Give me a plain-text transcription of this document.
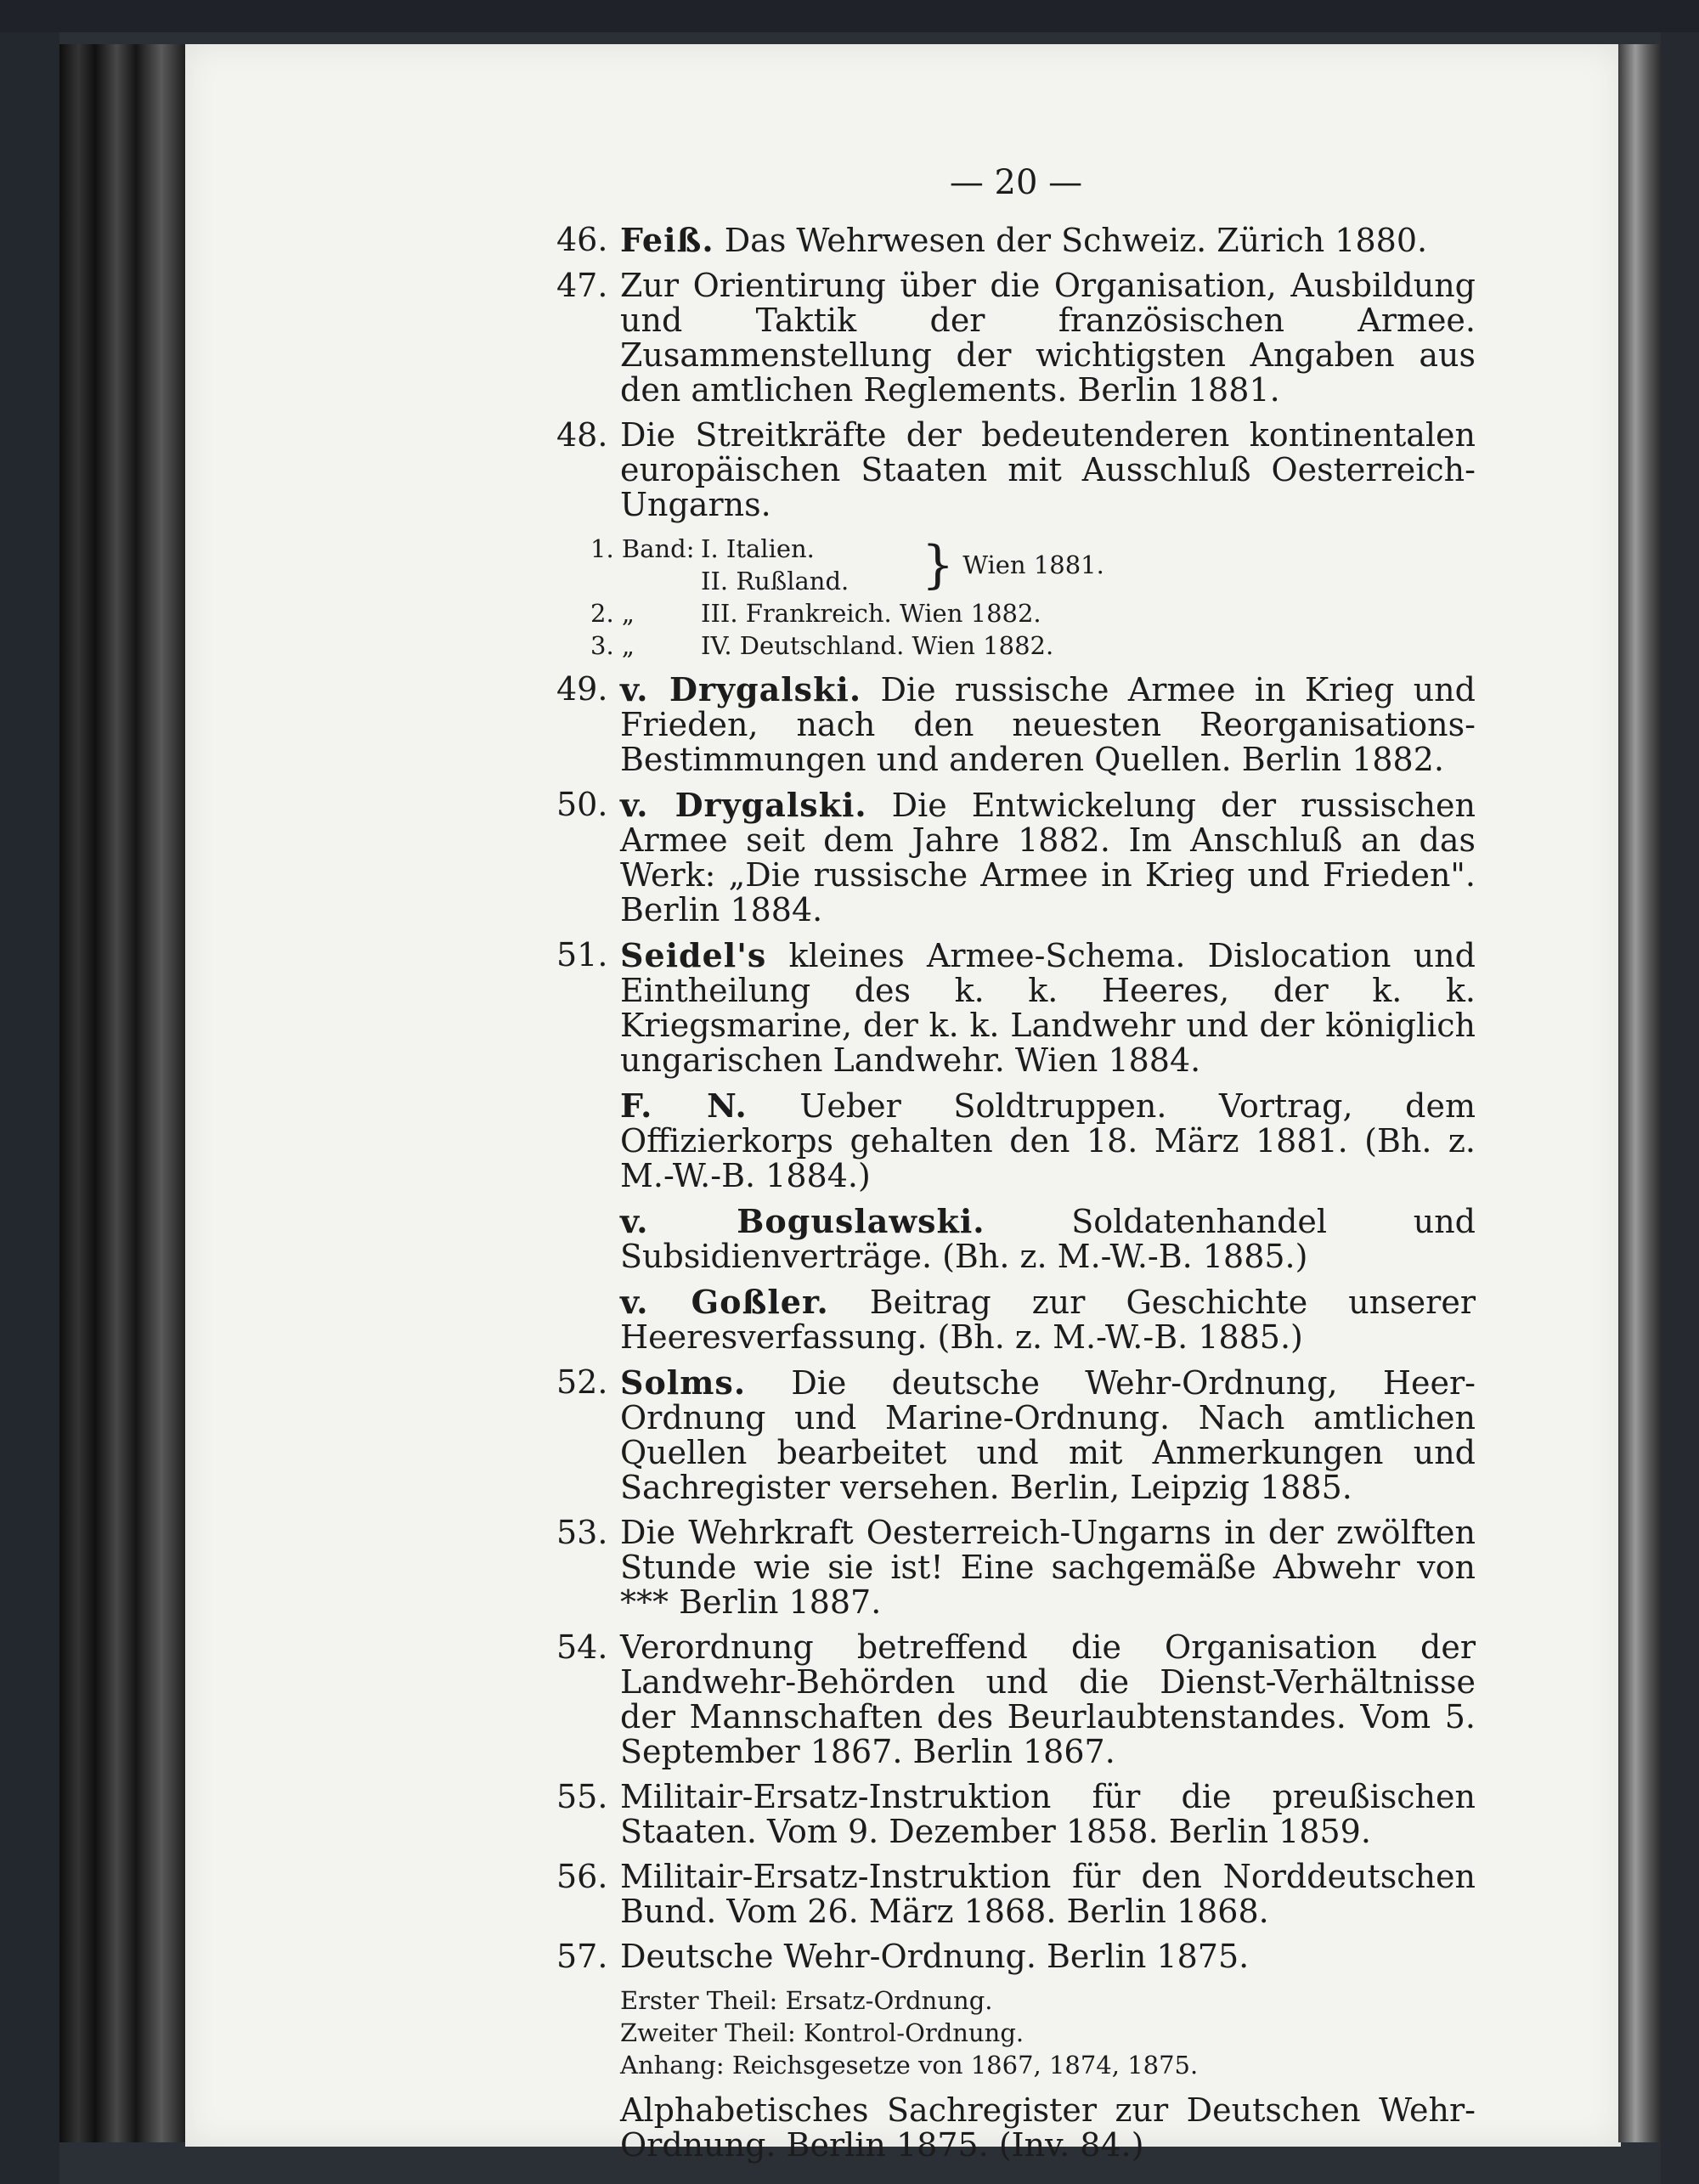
— 20 —
46. Feiß. Das Wehrwesen der Schweiz. Zürich 1880.
47. Zur Orientirung über die Organisation, Ausbildung und Taktik der französischen Armee. Zusammenstellung der wichtigsten Angaben aus den amtlichen Reglements. Berlin 1881.
48. Die Streitkräfte der bedeutenderen kontinentalen europäischen Staaten mit Ausschluß Oesterreich-Ungarns.
1. Band: I. Italien.
II. Rußland.	} Wien 1881.
2. „	III. Frankreich. Wien 1882.
3. „	IV. Deutschland. Wien 1882.
49. v. Drygalski. Die russische Armee in Krieg und Frieden, nach den neuesten Reorganisations-Bestimmungen und anderen Quellen. Berlin 1882.
50. v. Drygalski. Die Entwickelung der russischen Armee seit dem Jahre 1882. Im Anschluß an das Werk: „Die russische Armee in Krieg und Frieden". Berlin 1884.
51. Seidel's kleines Armee-Schema. Dislocation und Eintheilung des k. k. Heeres, der k. k. Kriegsmarine, der k. k. Landwehr und der königlich ungarischen Landwehr. Wien 1884.
F. N. Ueber Soldtruppen. Vortrag, dem Offizierkorps gehalten den 18. März 1881. (Bh. z. M.-W.-B. 1884.)
v. Boguslawski.	Soldatenhandel und Subsidienverträge. (Bh. z. M.-W.-B. 1885.)
v. Goßler. Beitrag zur Geschichte unserer Heeresverfassung. (Bh. z. M.-W.-B. 1885.)
52. Solms. Die deutsche Wehr-Ordnung, Heer-Ordnung und Marine-Ordnung. Nach amtlichen Quellen bearbeitet und mit Anmerkungen und Sachregister versehen. Berlin, Leipzig 1885.
53. Die Wehrkraft Oesterreich-Ungarns in der zwölften Stunde wie sie ist! Eine sachgemäße Abwehr von *** Berlin 1887.
54. Verordnung betreffend die Organisation der Landwehr-Behörden und die Dienst-Verhältnisse der Mannschaften des Beurlaubtenstandes. Vom 5. September 1867. Berlin 1867.
55. Militair-Ersatz-Instruktion für die preußischen Staaten. Vom 9. Dezember 1858. Berlin 1859.
56. Militair-Ersatz-Instruktion für den Norddeutschen Bund. Vom 26. März 1868. Berlin 1868.
57. Deutsche Wehr-Ordnung. Berlin 1875.
Erster Theil: Ersatz-Ordnung.
Zweiter Theil: Kontrol-Ordnung.
Anhang: Reichsgesetze von 1867, 1874, 1875.
Alphabetisches Sachregister zur Deutschen Wehr-Ordnung. Berlin 1875. (Inv. 84.)
